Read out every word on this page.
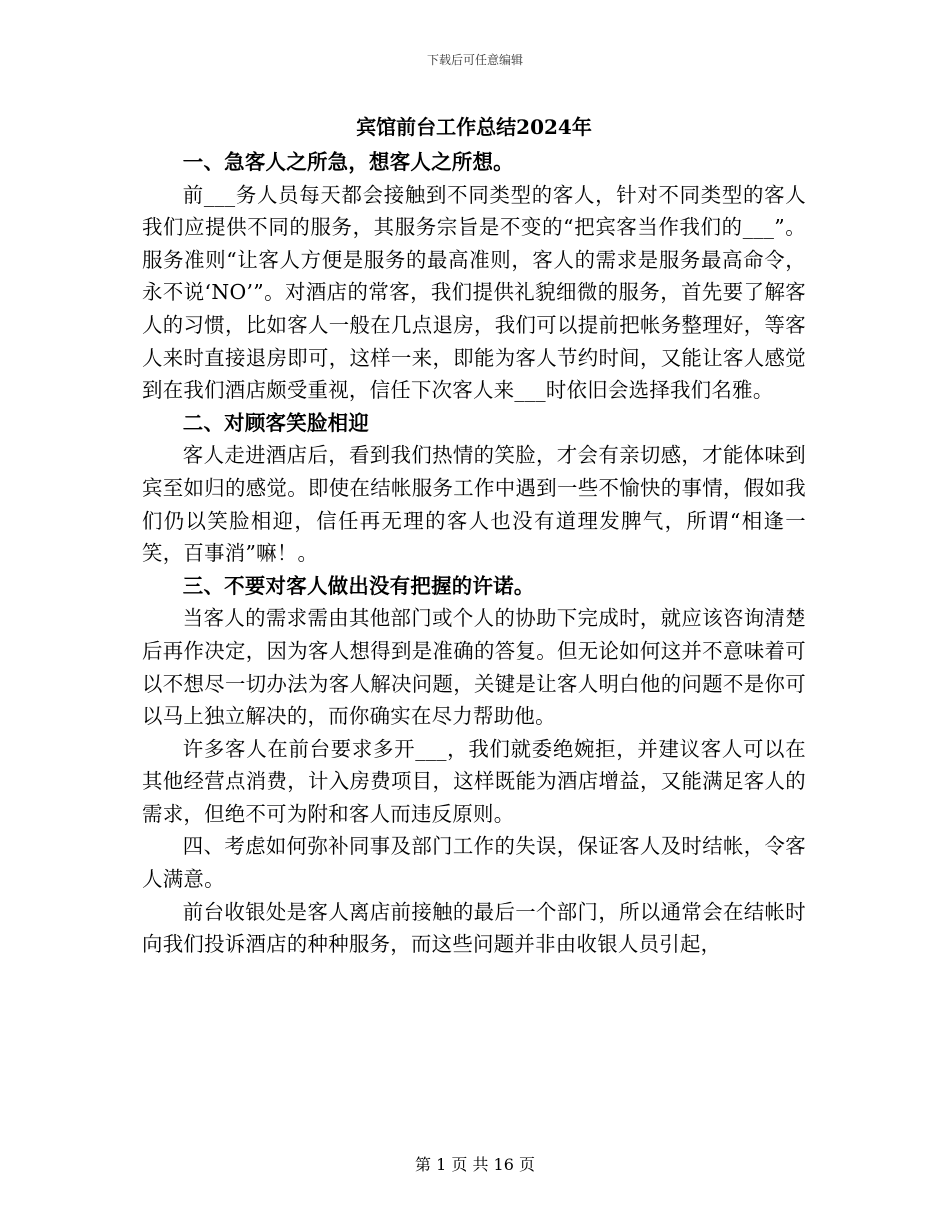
下载后可任意编辑
宾馆前台工作总结2024年

一、急客人之所急，想客人之所想。

前___务人员每天都会接触到不同类型的客人，针对不同类型的客人我们应提供不同的服务，其服务宗旨是不变的“把宾客当作我们的___”。服务准则“让客人方便是服务的最高准则，客人的需求是服务最高命令，永不说‘NO’”。对酒店的常客，我们提供礼貌细微的服务，首先要了解客人的习惯，比如客人一般在几点退房，我们可以提前把帐务整理好，等客人来时直接退房即可，这样一来，即能为客人节约时间，又能让客人感觉到在我们酒店颇受重视，信任下次客人来___时依旧会选择我们名雅。

二、对顾客笑脸相迎

客人走进酒店后，看到我们热情的笑脸，才会有亲切感，才能体味到宾至如归的感觉。即使在结帐服务工作中遇到一些不愉快的事情，假如我们仍以笑脸相迎，信任再无理的客人也没有道理发脾气，所谓“相逢一笑，百事消”嘛！。

三、不要对客人做出没有把握的许诺。

当客人的需求需由其他部门或个人的协助下完成时，就应该咨询清楚后再作决定，因为客人想得到是准确的答复。但无论如何这并不意味着可以不想尽一切办法为客人解决问题，关键是让客人明白他的问题不是你可以马上独立解决的，而你确实在尽力帮助他。

许多客人在前台要求多开___，我们就委绝婉拒，并建议客人可以在其他经营点消费，计入房费项目，这样既能为酒店增益，又能满足客人的需求，但绝不可为附和客人而违反原则。

四、考虑如何弥补同事及部门工作的失误，保证客人及时结帐，令客人满意。

前台收银处是客人离店前接触的最后一个部门，所以通常会在结帐时向我们投诉酒店的种种服务，而这些问题并非由收银人员引起，

第 1 页 共 16 页
